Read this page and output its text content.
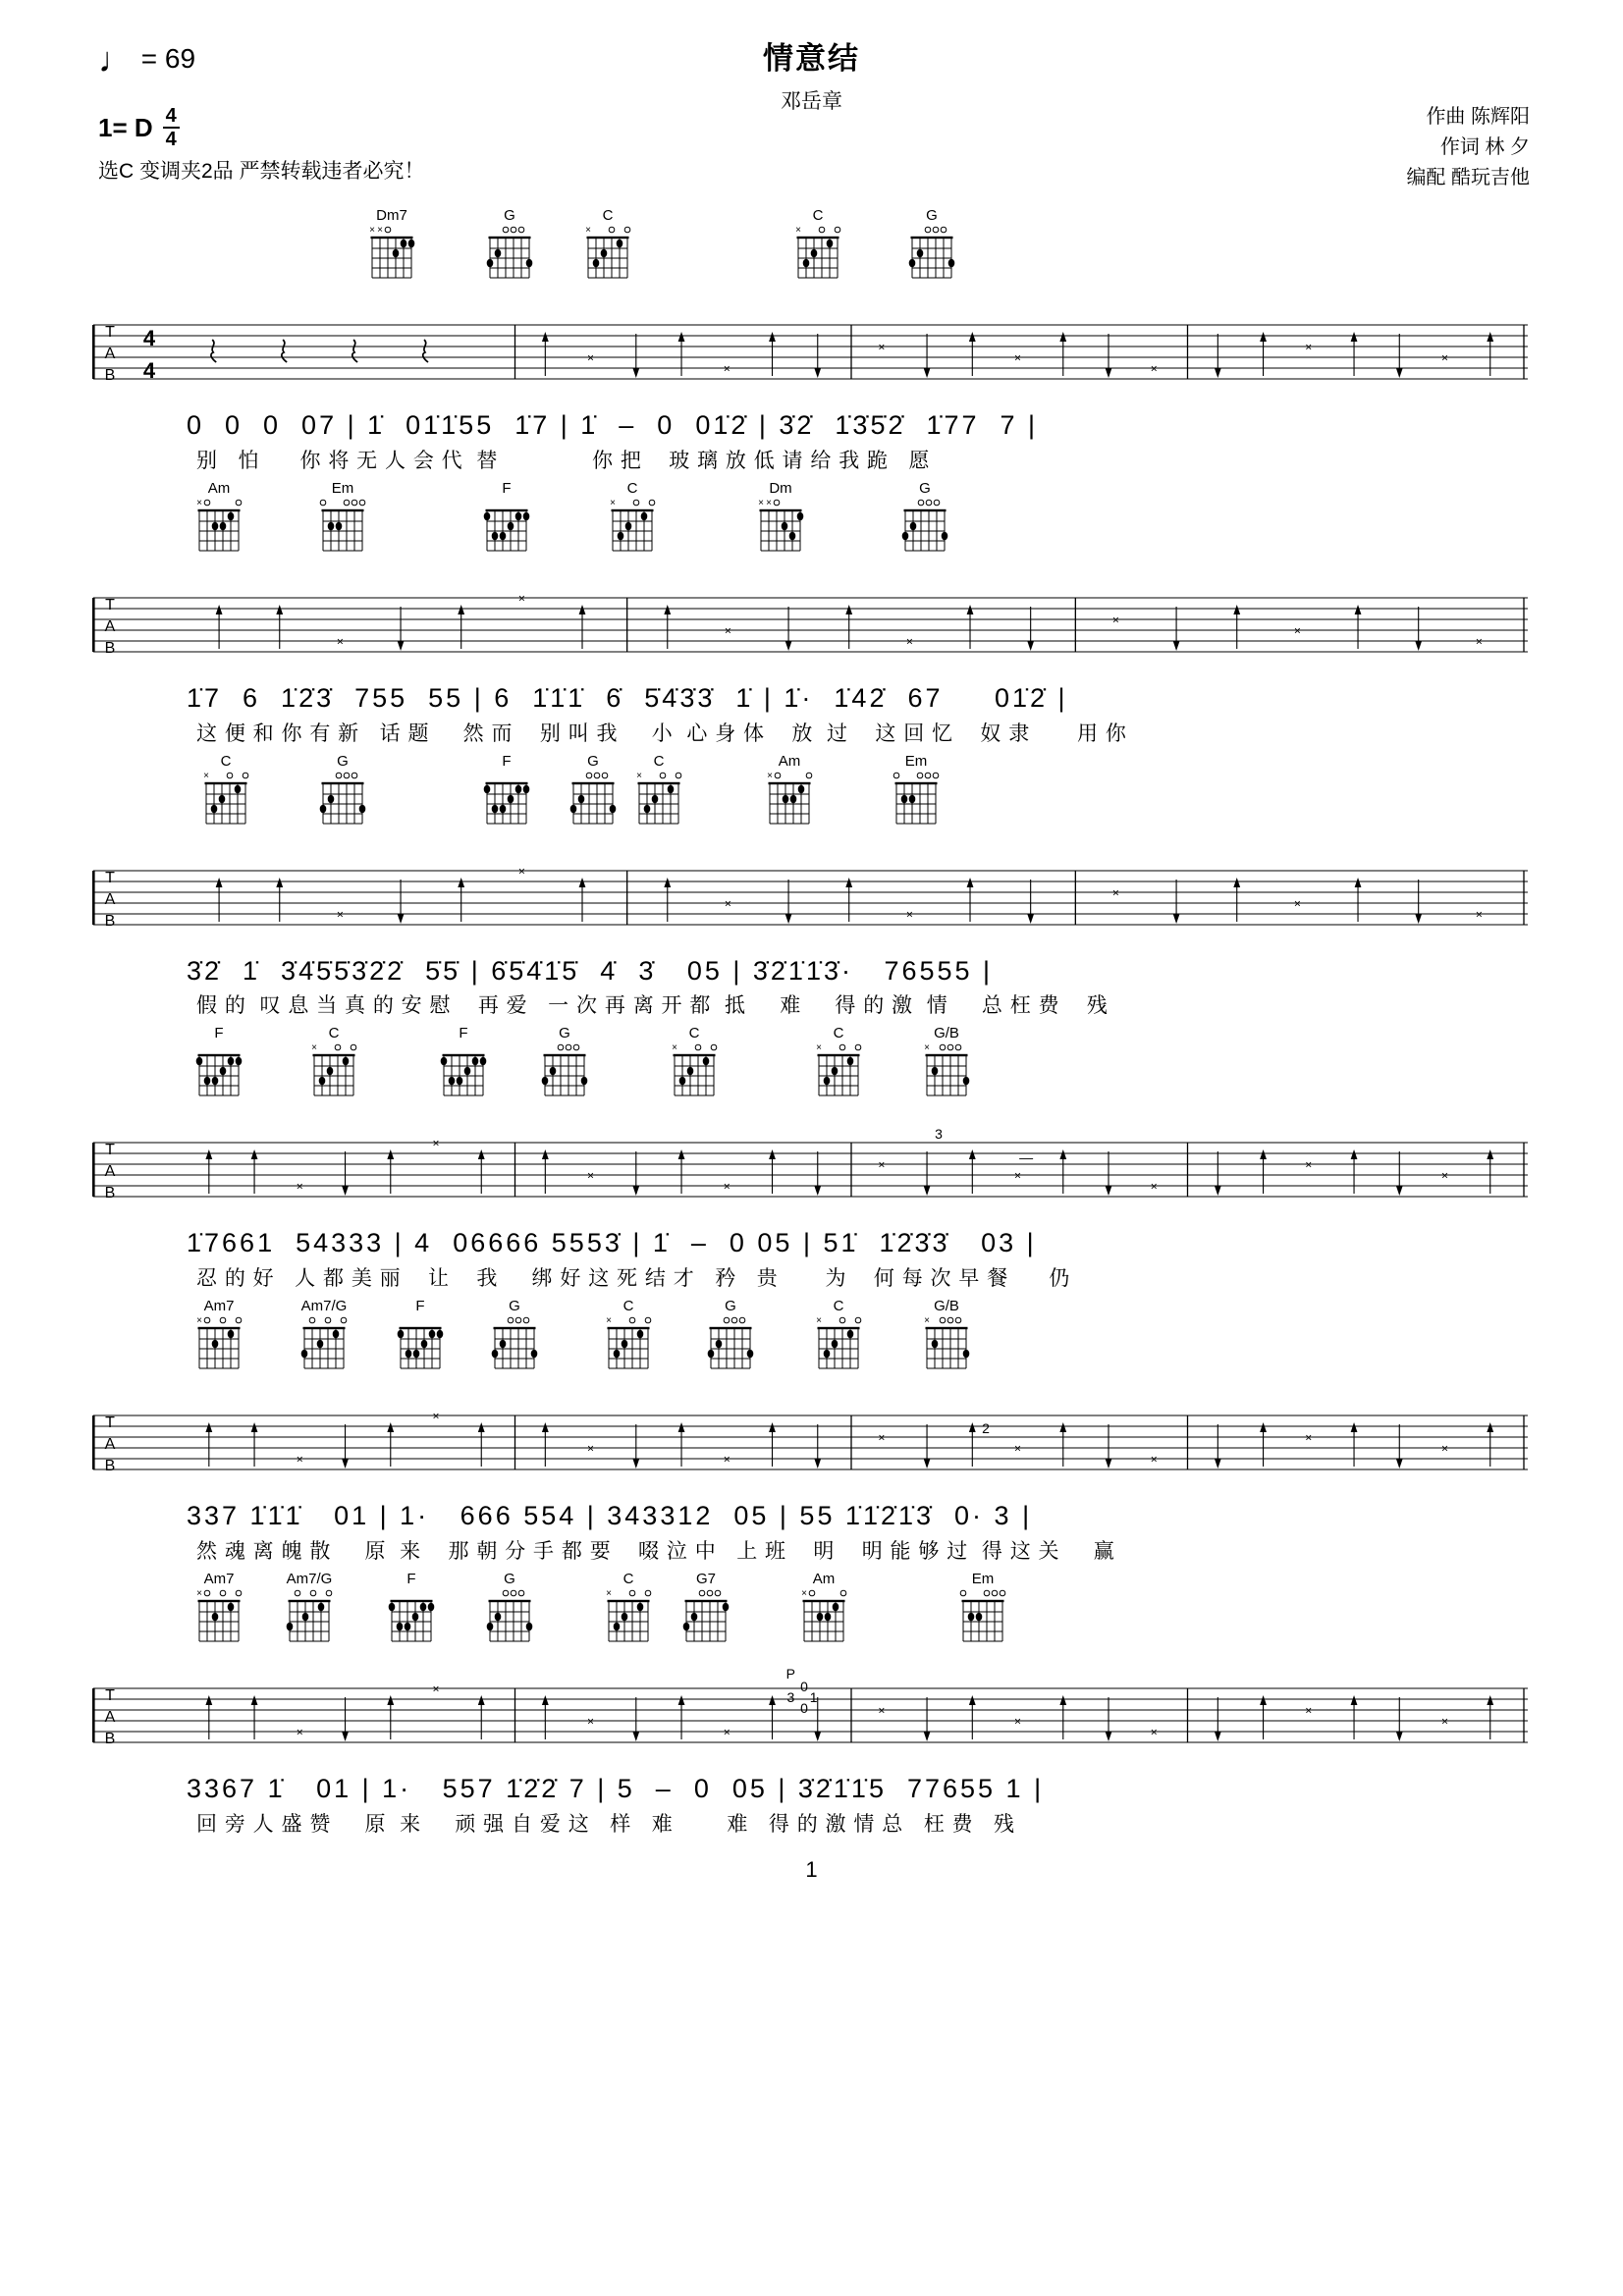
♩ = 69	情意结
邓岳章
1= D $\frac{4}{4}$
选C 变调夹2品 严禁转载违者必究！
作曲 陈辉阳
作词 林 夕
编配 酷玩吉他
Dm7
× ×
G	C
×
C
×
G
T
A
B
4
4
×
×
×
×
×
×
×
0  0  0  07 | 1̇  01̇1̇55  1̇7 | 1̇  –  0  01̇2̇ | 3̇2̇  1̇3̇5̇2̇  1̇77  7 |
别   怕      你 将 无 人 会 代  替              你 把    玻 璃 放 低 请 给 我 跪   愿
Am
×
Em	F	C
×
Dm
× ×
G
T
A
B	×
×
×
×
×
×
×
1̇7  6  1̇2̇3̇  755  55 | 6  1̇1̇1̇  6̇  5̇4̇3̇3̇  1̇ | 1̇·  1̇42̇  67     01̇2̇ |
这 便 和 你 有 新   话 题     然 而    别 叫 我     小  心 身 体    放  过    这 回 忆    奴 隶       用 你
C
×
G	F	G	C
×
Am
×
Em
T
A
B	×
×
×
×
×
×
×
3̇2̇  1̇  3̇4̇5̇5̇3̇2̇2̇  5̇5̇ | 6̇5̇4̇1̇5̇  4̇  3̇   05 | 3̇2̇1̇1̇3̇·   76555 |
假 的  叹 息 当 真 的 安 慰    再 爱   一 次 再 离 开 都  抵     难     得 的 激  情     总 枉 费    残
F	C
×
F	G	C
×
C
×
G/B
×
T
A
B	×
×
×
×
×
×
×
×
×
3
—
1̇7661  54333 | 4  06666 5553̇ | 1̇  –  0 05 | 51̇  1̇2̇3̇3̇   03 |
忍 的 好   人 都 美 丽    让    我     绑 好 这 死 结 才   矜   贵       为    何 每 次 早 餐      仍
Am7
×
Am7/G	F	G	C
×
G	C
×
G/B
×
T
A
B	×
×
×
×
×
×
×
×
×
2
337 1̇1̇1̇   01 | 1·   666 554 | 343312  05 | 55 1̇1̇2̇1̇3̇  0· 3 |
然 魂 离 魄 散     原  来    那 朝 分 手 都 要    啜 泣 中   上 班    明    明 能 够 过  得 这 关     赢
Am7
×
Am7/G	F	G	C
×
G7	Am
×
Em
T
A
B	×
×
×
×
×
×
×
×
×
P
0
3 1
0
3367 1̇   01 | 1·   557 1̇2̇2̇ 7 | 5  –  0  05 | 3̇2̇1̇1̇5  77655 1 |
回 旁 人 盛 赞     原  来     顽 强 自 爱 这   样   难        难   得 的 激 情 总   枉 费   残
1
